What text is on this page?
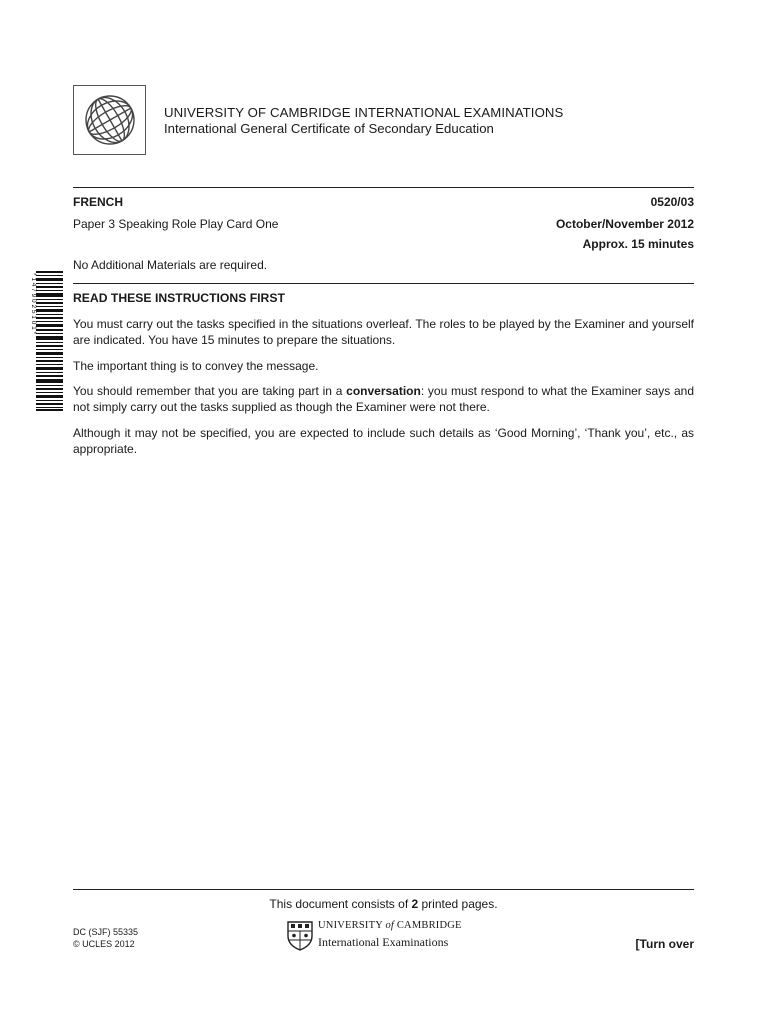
UNIVERSITY OF CAMBRIDGE INTERNATIONAL EXAMINATIONS
International General Certificate of Secondary Education
FRENCH	0520/03
Paper 3 Speaking Role Play Card One	October/November 2012
Approx. 15 minutes
No Additional Materials are required.
* 1 4 7 9 0 2 5 1 0 1 *	READ THESE INSTRUCTIONS FIRST
You must carry out the tasks specified in the situations overleaf. The roles to be played by the Examiner and yourself are indicated. You have 15 minutes to prepare the situations.
The important thing is to convey the message.
You should remember that you are taking part in a conversation: you must respond to what the Examiner says and not simply carry out the tasks supplied as though the Examiner were not there.
Although it may not be specified, you are expected to include such details as ‘Good Morning’, ‘Thank you’, etc., as appropriate.
This document consists of 2 printed pages.
DC (SJF) 55335
© UCLES 2012
UNIVERSITY of CAMBRIDGE
International Examinations	[Turn over
